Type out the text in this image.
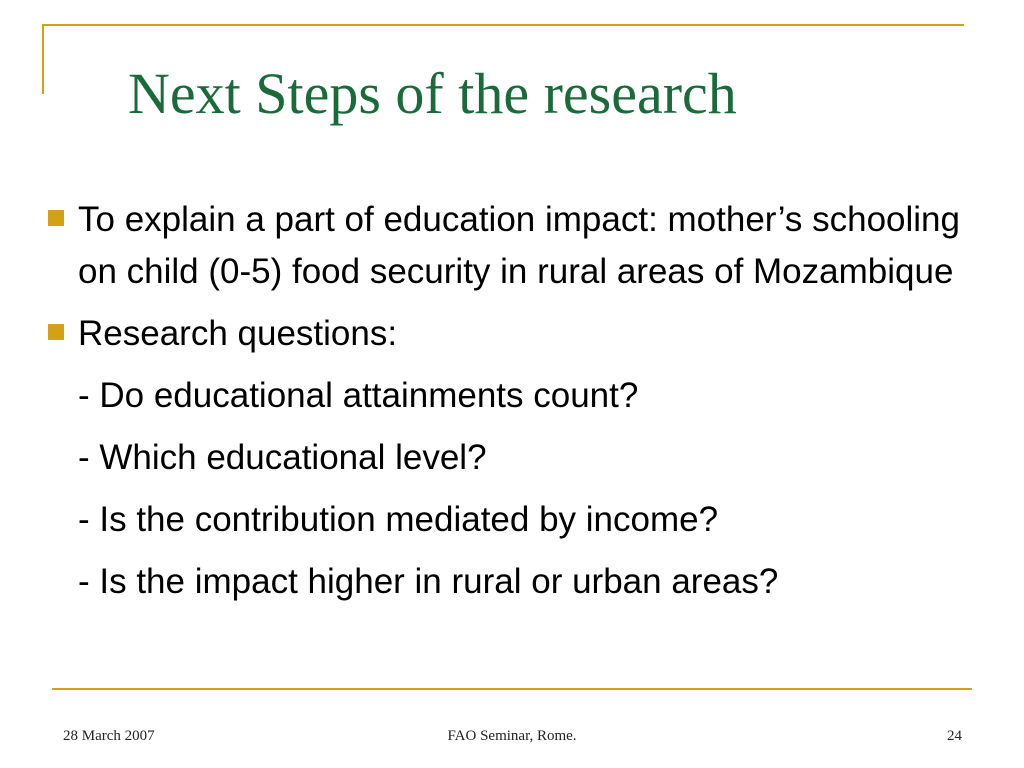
Next Steps of the research
To explain a part of education impact: mother’s schooling on child (0-5) food security in rural areas of Mozambique
Research questions:
- Do educational attainments count?
- Which educational level?
- Is the contribution mediated by income?
- Is the impact higher in rural or urban areas?
28 March 2007	FAO Seminar, Rome.	24
